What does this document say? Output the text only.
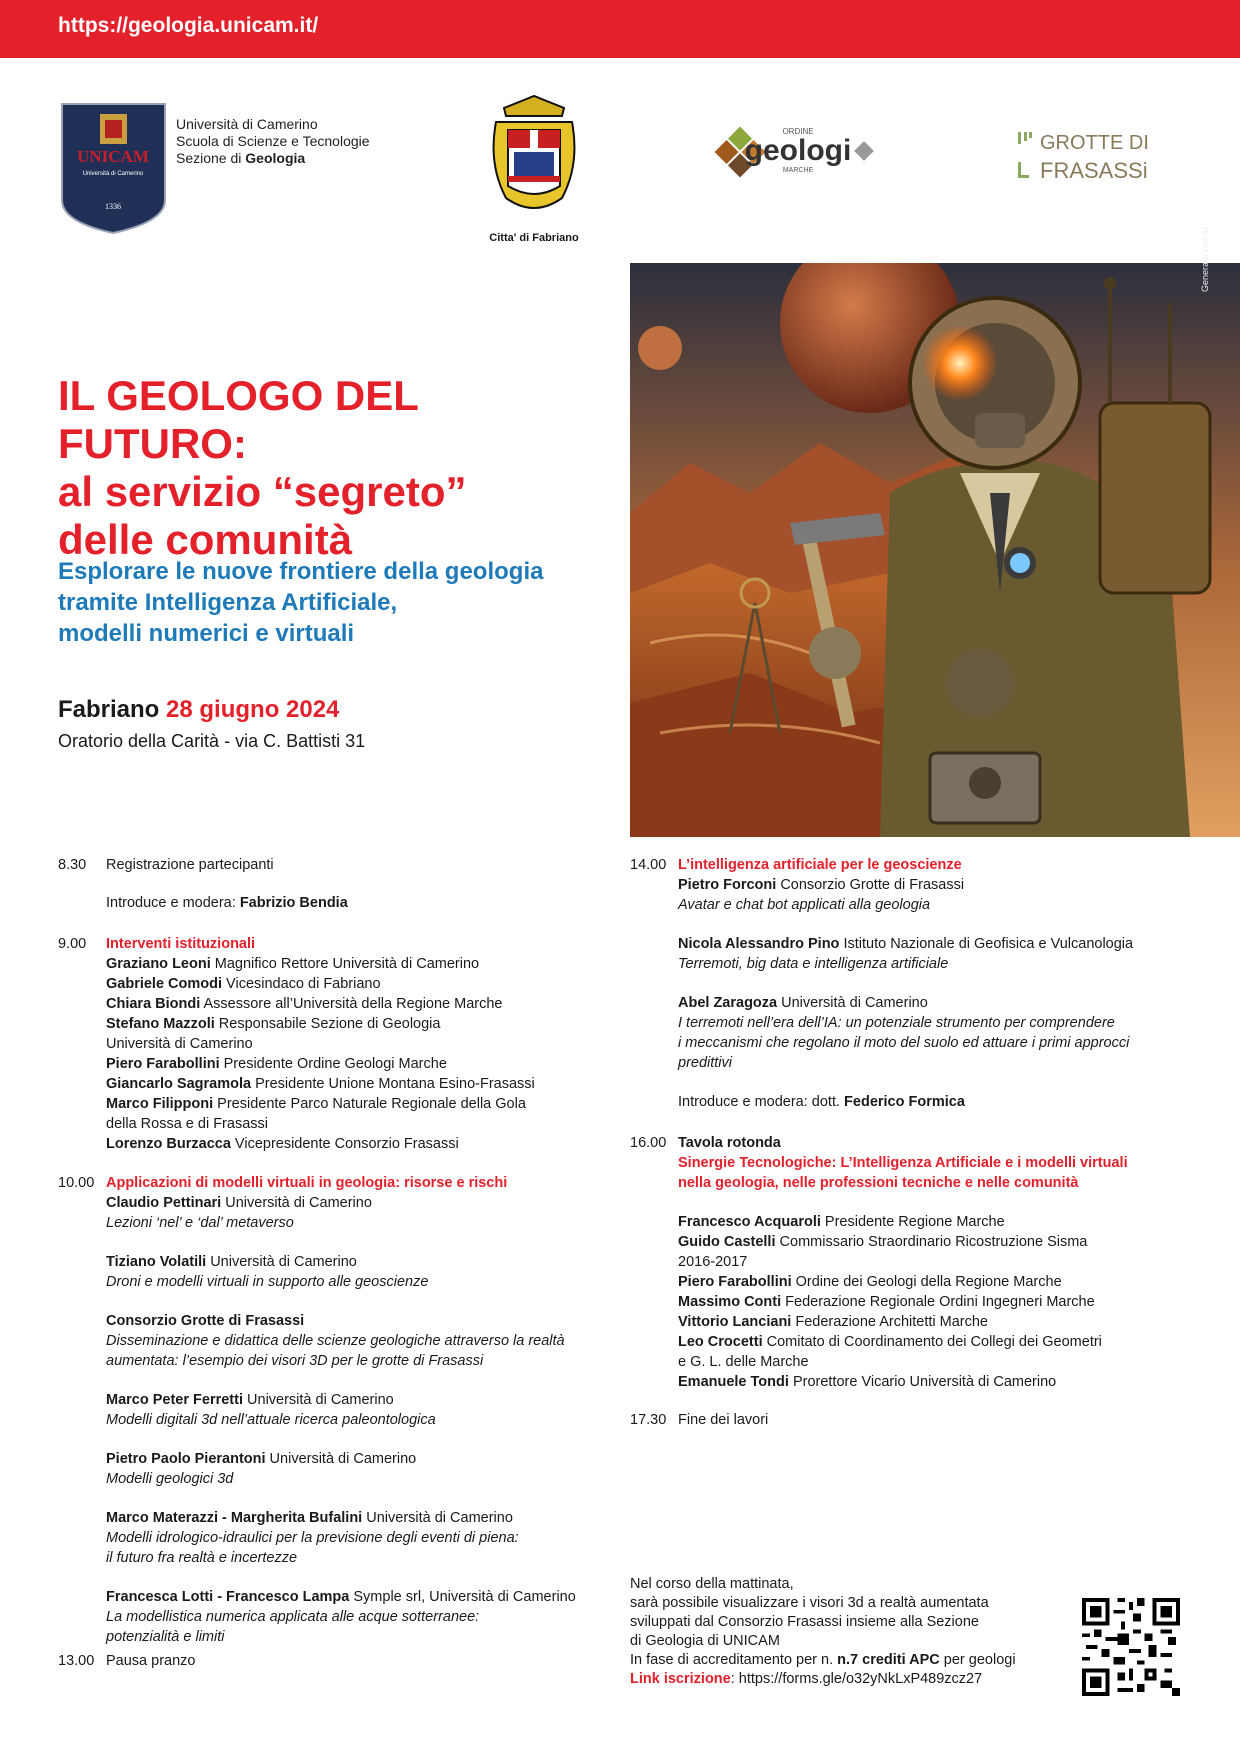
https://geologia.unicam.it/
UNICAM
Università di Camerino
1336
Università di Camerino
Scuola di Scienze e Tecnologie
Sezione di Geologia
Citta' di Fabriano
ORDINE
geologi
MARCHE
GROTTE DI
FRASASSi
Generata con AI
IL GEOLOGO DEL FUTURO:
al servizio “segreto”
delle comunità
Esplorare le nuove frontiere della geologia
tramite Intelligenza Artificiale,
modelli numerici e virtuali
Fabriano 28 giugno 2024
Oratorio della Carità - via C. Battisti 31
8.30	Registrazione partecipanti
Introduce e modera: Fabrizio Bendia
9.00	Interventi istituzionali
Graziano Leoni Magnifico Rettore Università di Camerino
Gabriele Comodi Vicesindaco di Fabriano
Chiara Biondi Assessore all’Università della Regione Marche
Stefano Mazzoli Responsabile Sezione di Geologia
Università di Camerino
Piero Farabollini Presidente Ordine Geologi Marche
Giancarlo Sagramola Presidente Unione Montana Esino-Frasassi
Marco Filipponi Presidente Parco Naturale Regionale della Gola
della Rossa e di Frasassi
Lorenzo Burzacca Vicepresidente Consorzio Frasassi
10.00 Applicazioni di modelli virtuali in geologia: risorse e rischi
Claudio Pettinari Università di Camerino
Lezioni ‘nel’ e ‘dal’ metaverso
Tiziano Volatili Università di Camerino
Droni e modelli virtuali in supporto alle geoscienze
Consorzio Grotte di Frasassi
Disseminazione e didattica delle scienze geologiche attraverso la realtà
aumentata: l’esempio dei visori 3D per le grotte di Frasassi
Marco Peter Ferretti Università di Camerino
Modelli digitali 3d nell’attuale ricerca paleontologica
Pietro Paolo Pierantoni Università di Camerino
Modelli geologici 3d
Marco Materazzi - Margherita Bufalini Università di Camerino
Modelli idrologico-idraulici per la previsione degli eventi di piena:
il futuro fra realtà e incertezze
Francesca Lotti - Francesco Lampa Symple srl, Università di Camerino
La modellistica numerica applicata alle acque sotterranee:
potenzialità e limiti
13.00 Pausa pranzo
14.00 L’intelligenza artificiale per le geoscienze
Pietro Forconi Consorzio Grotte di Frasassi
Avatar e chat bot applicati alla geologia
Nicola Alessandro Pino Istituto Nazionale di Geofisica e Vulcanologia
Terremoti, big data e intelligenza artificiale
Abel Zaragoza Università di Camerino
I terremoti nell’era dell’IA: un potenziale strumento per comprendere
i meccanismi che regolano il moto del suolo ed attuare i primi approcci
predittivi
Introduce e modera: dott. Federico Formica
16.00 Tavola rotonda
Sinergie Tecnologiche: L’Intelligenza Artificiale e i modelli virtuali
nella geologia, nelle professioni tecniche e nelle comunità
Francesco Acquaroli Presidente Regione Marche
Guido Castelli Commissario Straordinario Ricostruzione Sisma
2016-2017
Piero Farabollini Ordine dei Geologi della Regione Marche
Massimo Conti Federazione Regionale Ordini Ingegneri Marche
Vittorio Lanciani Federazione Architetti Marche
Leo Crocetti Comitato di Coordinamento dei Collegi dei Geometri
e G. L. delle Marche
Emanuele Tondi Prorettore Vicario Università di Camerino
17.30 Fine dei lavori
Nel corso della mattinata,
sarà possibile visualizzare i visori 3d a realtà aumentata
sviluppati dal Consorzio Frasassi insieme alla Sezione
di Geologia di UNICAM
In fase di accreditamento per n. n.7 crediti APC per geologi
Link iscrizione: https://forms.gle/o32yNkLxP489zcz27
